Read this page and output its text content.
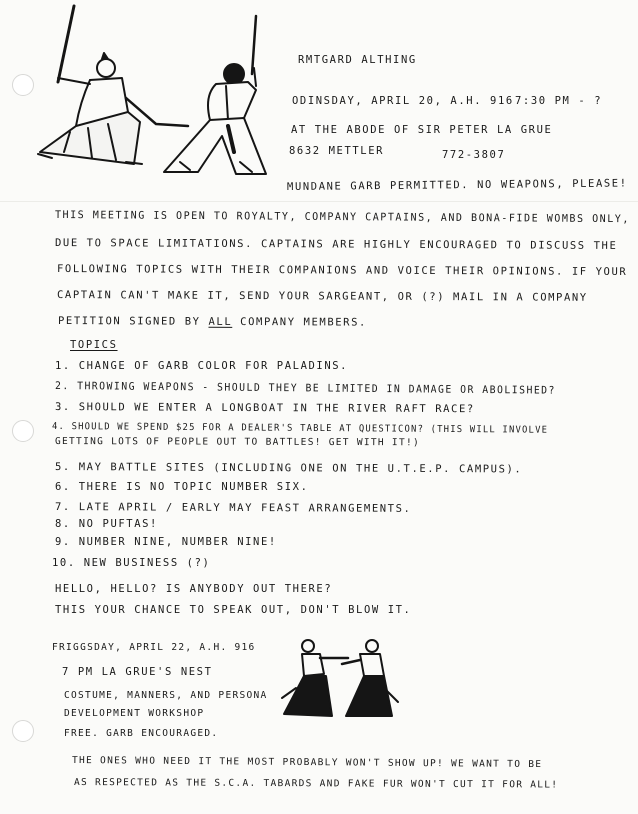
RMTGARD ALTHING
ODINSDAY, APRIL 20, A.H. 916 7:30 PM - ?
AT THE ABODE OF SIR PETER LA GRUE
8632 METTLER	772-3807
MUNDANE GARB PERMITTED. NO WEAPONS, PLEASE!
THIS MEETING IS OPEN TO ROYALTY, COMPANY CAPTAINS, AND BONA-FIDE WOMBS ONLY,
DUE TO SPACE LIMITATIONS. CAPTAINS ARE HIGHLY ENCOURAGED TO DISCUSS THE
FOLLOWING TOPICS WITH THEIR COMPANIONS AND VOICE THEIR OPINIONS. IF YOUR
CAPTAIN CAN'T MAKE IT, SEND YOUR SARGEANT, OR (?) MAIL IN A COMPANY
PETITION SIGNED BY ALL COMPANY MEMBERS.
TOPICS
1. CHANGE OF GARB COLOR FOR PALADINS.
2. THROWING WEAPONS - SHOULD THEY BE LIMITED IN DAMAGE OR ABOLISHED?
3. SHOULD WE ENTER A LONGBOAT IN THE RIVER RAFT RACE?
4. SHOULD WE SPEND $25 FOR A DEALER'S TABLE AT QUESTICON? (THIS WILL INVOLVE
GETTING LOTS OF PEOPLE OUT TO BATTLES! GET WITH IT!)
5. MAY BATTLE SITES (INCLUDING ONE ON THE U.T.E.P. CAMPUS).
6. THERE IS NO TOPIC NUMBER SIX.
7. LATE APRIL / EARLY MAY FEAST ARRANGEMENTS.
8. NO PUFTAS!
9. NUMBER NINE, NUMBER NINE!
10. NEW BUSINESS (?)
HELLO, HELLO? IS ANYBODY OUT THERE?
THIS YOUR CHANCE TO SPEAK OUT, DON'T BLOW IT.
FRIGGSDAY, APRIL 22, A.H. 916
7 PM LA GRUE'S NEST
COSTUME, MANNERS, AND PERSONA
DEVELOPMENT WORKSHOP
FREE. GARB ENCOURAGED.
THE ONES WHO NEED IT THE MOST PROBABLY WON'T SHOW UP! WE WANT TO BE
AS RESPECTED AS THE S.C.A. TABARDS AND FAKE FUR WON'T CUT IT FOR ALL!
